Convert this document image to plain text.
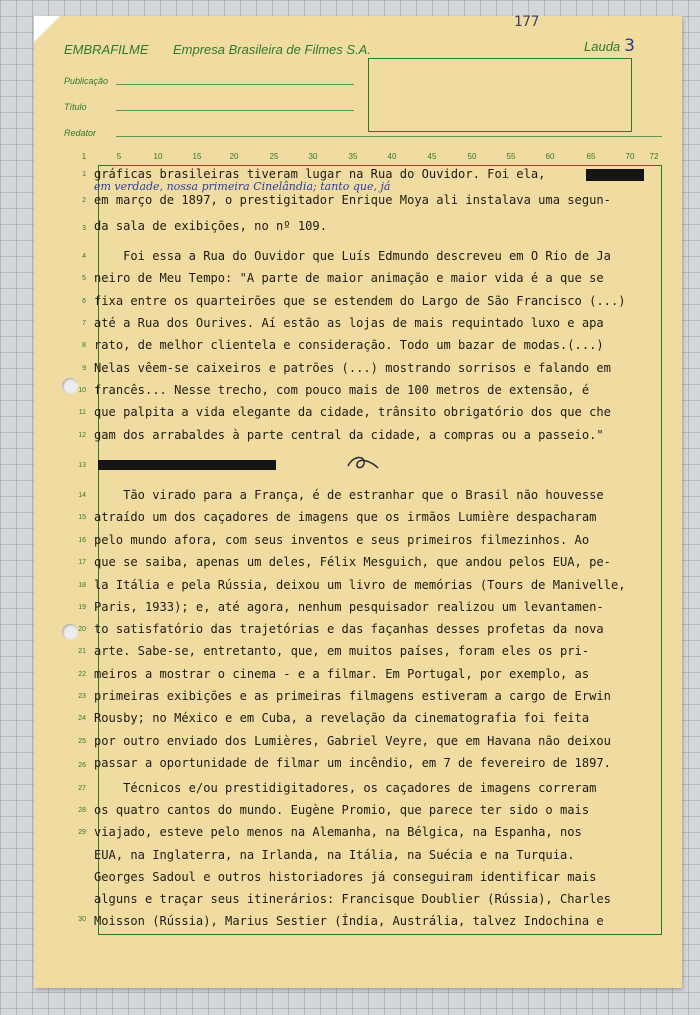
177
EMBRAFILME Empresa Brasileira de Filmes S.A.	Lauda 3
Publicação
Título
Redator
1	5	10	15	20	25	30	35	40	45	50	55	60	65	70 72
1
2
3
4
5
6
7
8
9
10
11
12
13
14
15
16
17
18
19
20
21
22
23
24
25
26
27
28
29
30
gráficas brasileiras tiveram lugar na Rua do Ouvidor. Foi ela,
em verdade, nossa primeira Cinelândia; tanto que, já
em março de 1897, o prestigitador Enrique Moya ali instalava uma segun-
da sala de exibições, no nº 109.
Foi essa a Rua do Ouvidor que Luís Edmundo descreveu em O Rio de Ja
neiro de Meu Tempo: "A parte de maior animação e maior vida é a que se
fixa entre os quarteirões que se estendem do Largo de São Francisco (...)
até a Rua dos Ourives. Aí estão as lojas de mais requintado luxo e apa
rato, de melhor clientela e consideração. Todo um bazar de modas.(...)
Nelas vêem-se caixeiros e patrões (...) mostrando sorrisos e falando em
francês... Nesse trecho, com pouco mais de 100 metros de extensão, é
que palpita a vida elegante da cidade, trânsito obrigatório dos que che
gam dos arrabaldes à parte central da cidade, a compras ou a passeio."
Tão virado para a França, é de estranhar que o Brasil não houvesse
atraído um dos caçadores de imagens que os irmãos Lumière despacharam
pelo mundo afora, com seus inventos e seus primeiros filmezinhos. Ao
que se saiba, apenas um deles, Félix Mesguich, que andou pelos EUA, pe-
la Itália e pela Rússia, deixou um livro de memórias (Tours de Manivelle,
Paris, 1933); e, até agora, nenhum pesquisador realizou um levantamen-
to satisfatório das trajetórias e das façanhas desses profetas da nova
arte. Sabe-se, entretanto, que, em muitos países, foram eles os pri-
meiros a mostrar o cinema - e a filmar. Em Portugal, por exemplo, as
primeiras exibições e as primeiras filmagens estiveram a cargo de Erwin
Rousby; no México e em Cuba, a revelação da cinematografia foi feita
por outro enviado dos Lumières, Gabriel Veyre, que em Havana não deixou
passar a oportunidade de filmar um incêndio, em 7 de fevereiro de 1897.
Técnicos e/ou prestidigitadores, os caçadores de imagens correram
os quatro cantos do mundo. Eugène Promio, que parece ter sido o mais
viajado, esteve pelo menos na Alemanha, na Bélgica, na Espanha, nos
EUA, na Inglaterra, na Irlanda, na Itália, na Suécia e na Turquia.
Georges Sadoul e outros historiadores já conseguiram identificar mais
alguns e traçar seus itinerários: Francisque Doublier (Rússia), Charles
Moisson (Rússia), Marius Sestier (Índia, Austrália, talvez Indochina e
